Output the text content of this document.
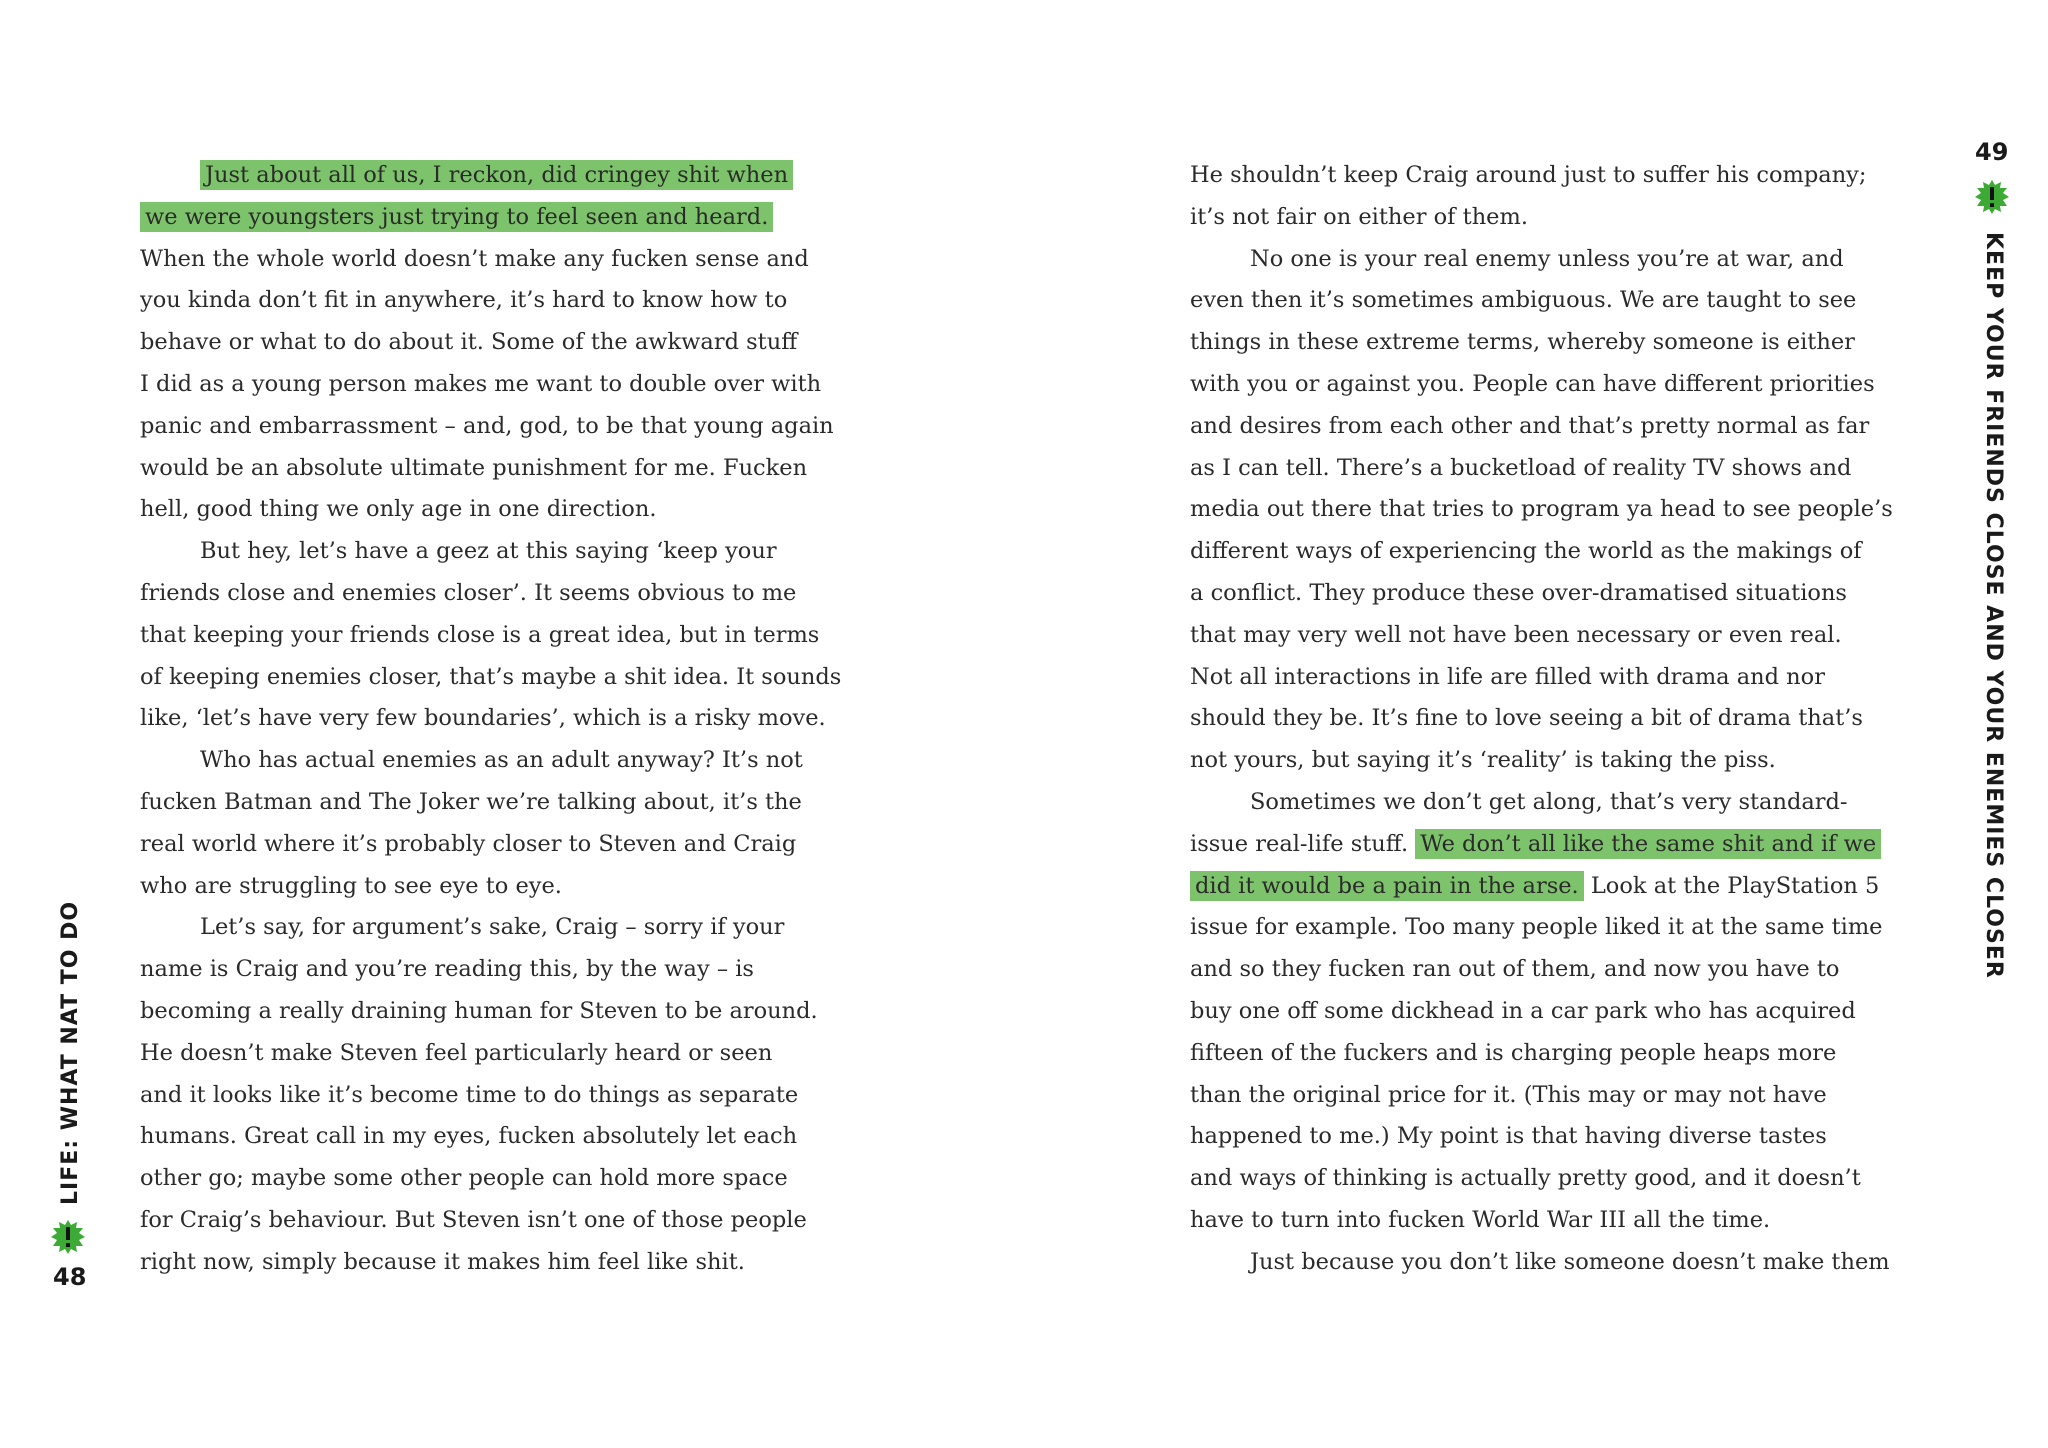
Just about all of us, I reckon, did cringey shit when
we were youngsters just trying to feel seen and heard.
When the whole world doesn’t make any fucken sense and
you kinda don’t fit in anywhere, it’s hard to know how to
behave or what to do about it. Some of the awkward stuff
I did as a young person makes me want to double over with
panic and embarrassment – and, god, to be that young again
would be an absolute ultimate punishment for me. Fucken
hell, good thing we only age in one direction.
But hey, let’s have a geez at this saying ‘keep your
friends close and enemies closer’. It seems obvious to me
that keeping your friends close is a great idea, but in terms
of keeping enemies closer, that’s maybe a shit idea. It sounds
like, ‘let’s have very few boundaries’, which is a risky move.
Who has actual enemies as an adult anyway? It’s not
fucken Batman and The Joker we’re talking about, it’s the
real world where it’s probably closer to Steven and Craig
who are struggling to see eye to eye.
Let’s say, for argument’s sake, Craig – sorry if your
name is Craig and you’re reading this, by the way – is
becoming a really draining human for Steven to be around.
He doesn’t make Steven feel particularly heard or seen
and it looks like it’s become time to do things as separate
humans. Great call in my eyes, fucken absolutely let each
other go; maybe some other people can hold more space
for Craig’s behaviour. But Steven isn’t one of those people
right now, simply because it makes him feel like shit.
LIFE: WHAT NAT TO DO
48
He shouldn’t keep Craig around just to suffer his company;
it’s not fair on either of them.
No one is your real enemy unless you’re at war, and
even then it’s sometimes ambiguous. We are taught to see
things in these extreme terms, whereby someone is either
with you or against you. People can have different priorities
and desires from each other and that’s pretty normal as far
as I can tell. There’s a bucketload of reality TV shows and
media out there that tries to program ya head to see people’s
different ways of experiencing the world as the makings of
a conflict. They produce these over-dramatised situations
that may very well not have been necessary or even real.
Not all interactions in life are filled with drama and nor
should they be. It’s fine to love seeing a bit of drama that’s
not yours, but saying it’s ‘reality’ is taking the piss.
Sometimes we don’t get along, that’s very standard-
issue real-life stuff. We don’t all like the same shit and if we
did it would be a pain in the arse. Look at the PlayStation 5
issue for example. Too many people liked it at the same time
and so they fucken ran out of them, and now you have to
buy one off some dickhead in a car park who has acquired
fifteen of the fuckers and is charging people heaps more
than the original price for it. (This may or may not have
happened to me.) My point is that having diverse tastes
and ways of thinking is actually pretty good, and it doesn’t
have to turn into fucken World War III all the time.
Just because you don’t like someone doesn’t make them
49
KEEP YOUR FRIENDS CLOSE AND YOUR ENEMIES CLOSER
